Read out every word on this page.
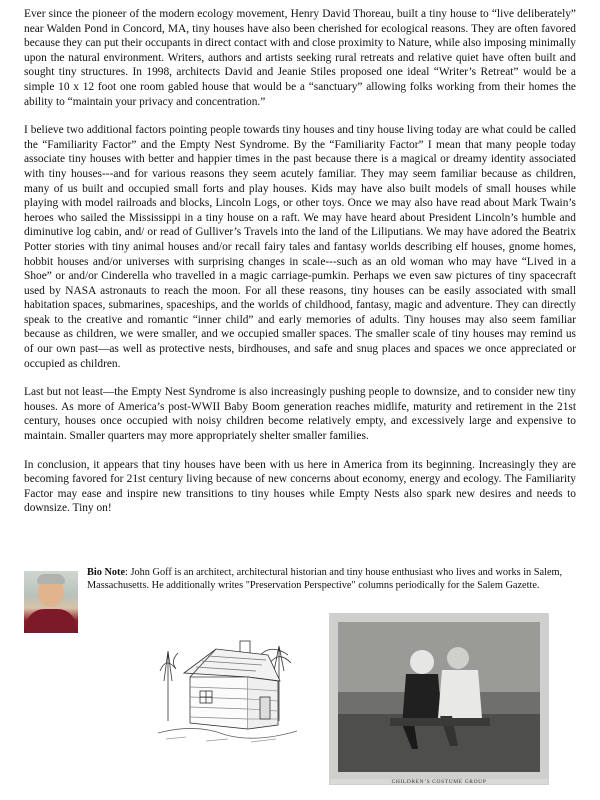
Ever since the pioneer of the modern ecology movement, Henry David Thoreau, built a tiny house to “live deliberately” near Walden Pond in Concord, MA, tiny houses have also been cherished for ecological reasons. They are often favored because they can put their occupants in direct contact with and close proximity to Nature, while also imposing minimally upon the natural environment. Writers, authors and artists seeking rural retreats and relative quiet have often built and sought tiny structures. In 1998, architects David and Jeanie Stiles proposed one ideal “Writer’s Retreat” would be a simple 10 x 12 foot one room gabled house that would be a “sanctuary” allowing folks working from their homes the ability to “maintain your privacy and concentration.”

I believe two additional factors pointing people towards tiny houses and tiny house living today are what could be called the “Familiarity Factor” and the Empty Nest Syndrome. By the “Familiarity Factor” I mean that many people today associate tiny houses with better and happier times in the past because there is a magical or dreamy identity associated with tiny houses---and for various reasons they seem acutely familiar. They may seem familiar because as children, many of us built and occupied small forts and play houses. Kids may have also built models of small houses while playing with model railroads and blocks, Lincoln Logs, or other toys. Once we may also have read about Mark Twain’s heroes who sailed the Mississippi in a tiny house on a raft. We may have heard about President Lincoln’s humble and diminutive log cabin, and/ or read of Gulliver’s Travels into the land of the Liliputians. We may have adored the Beatrix Potter stories with tiny animal houses and/or recall fairy tales and fantasy worlds describing elf houses, gnome homes, hobbit houses and/or universes with surprising changes in scale---such as an old woman who may have “Lived in a Shoe” or and/or Cinderella who travelled in a magic carriage-pumkin. Perhaps we even saw pictures of tiny spacecraft used by NASA astronauts to reach the moon. For all these reasons, tiny houses can be easily associated with small habitation spaces, submarines, spaceships, and the worlds of childhood, fantasy, magic and adventure. They can directly speak to the creative and romantic “inner child” and early memories of adults. Tiny houses may also seem familiar because as children, we were smaller, and we occupied smaller spaces. The smaller scale of tiny houses may remind us of our own past—as well as protective nests, birdhouses, and safe and snug places and spaces we once appreciated or occupied as children.

Last but not least—the Empty Nest Syndrome is also increasingly pushing people to downsize, and to consider new tiny houses. As more of America’s post-WWII Baby Boom generation reaches midlife, maturity and retirement in the 21st century, houses once occupied with noisy children become relatively empty, and excessively large and expensive to maintain. Smaller quarters may more appropriately shelter smaller families.

In conclusion, it appears that tiny houses have been with us here in America from its beginning. Increasingly they are becoming favored for 21st century living because of new concerns about economy, energy and ecology. The Familiarity Factor may ease and inspire new transitions to tiny houses while Empty Nests also spark new desires and needs to downsize. Tiny on!

Bio Note: John Goff is an architect, architectural historian and tiny house enthusiast who lives and works in Salem, Massachusetts. He additionally writes "Preservation Perspective" columns periodically for the Salem Gazette.
CHILDREN’S COSTUME GROUP
